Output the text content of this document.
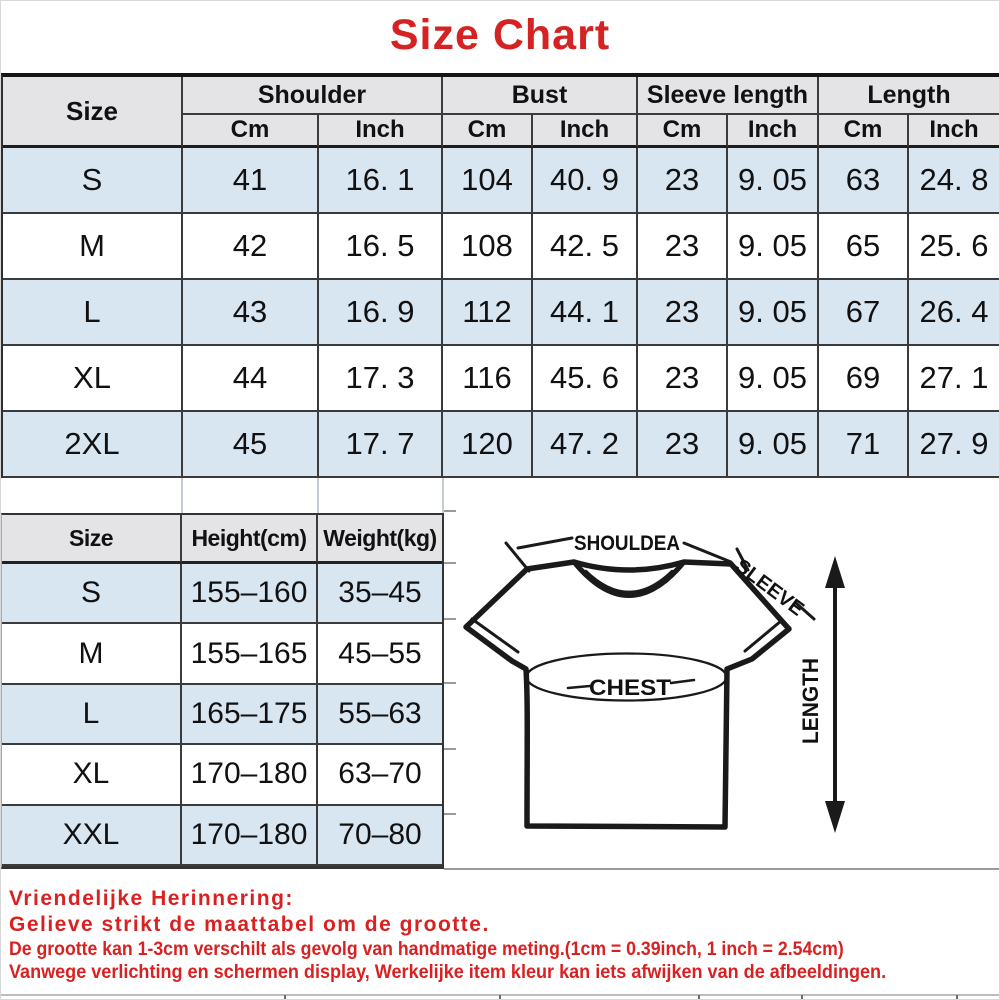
Size Chart
Size
Shoulder	Bust	Sleeve length	Length
Cm	Inch	Cm	Inch	Cm	Inch	Cm	Inch
S	41	16. 1	104	40. 9	23	9. 05	63	24. 8
M	42	16. 5	108	42. 5	23	9. 05	65	25. 6
L	43	16. 9	112	44. 1	23	9. 05	67	26. 4
XL	44	17. 3	116	45. 6	23	9. 05	69	27. 1
2XL	45	17. 7	120	47. 2	23	9. 05	71	27. 9
Size	Height(cm) Weight(kg)
S	155–160	35–45
M	155–165	45–55
L	165–175	55–63
XL	170–180	63–70
XXL	170–180	70–80
SHOULDEA
CHEST
SLEEVE
LENGTH
Vriendelijke Herinnering:
Gelieve strikt de maattabel om de grootte.
De grootte kan 1-3cm verschilt als gevolg van handmatige meting.(1cm = 0.39inch, 1 inch = 2.54cm)
Vanwege verlichting en schermen display, Werkelijke item kleur kan iets afwijken van de afbeeldingen.
